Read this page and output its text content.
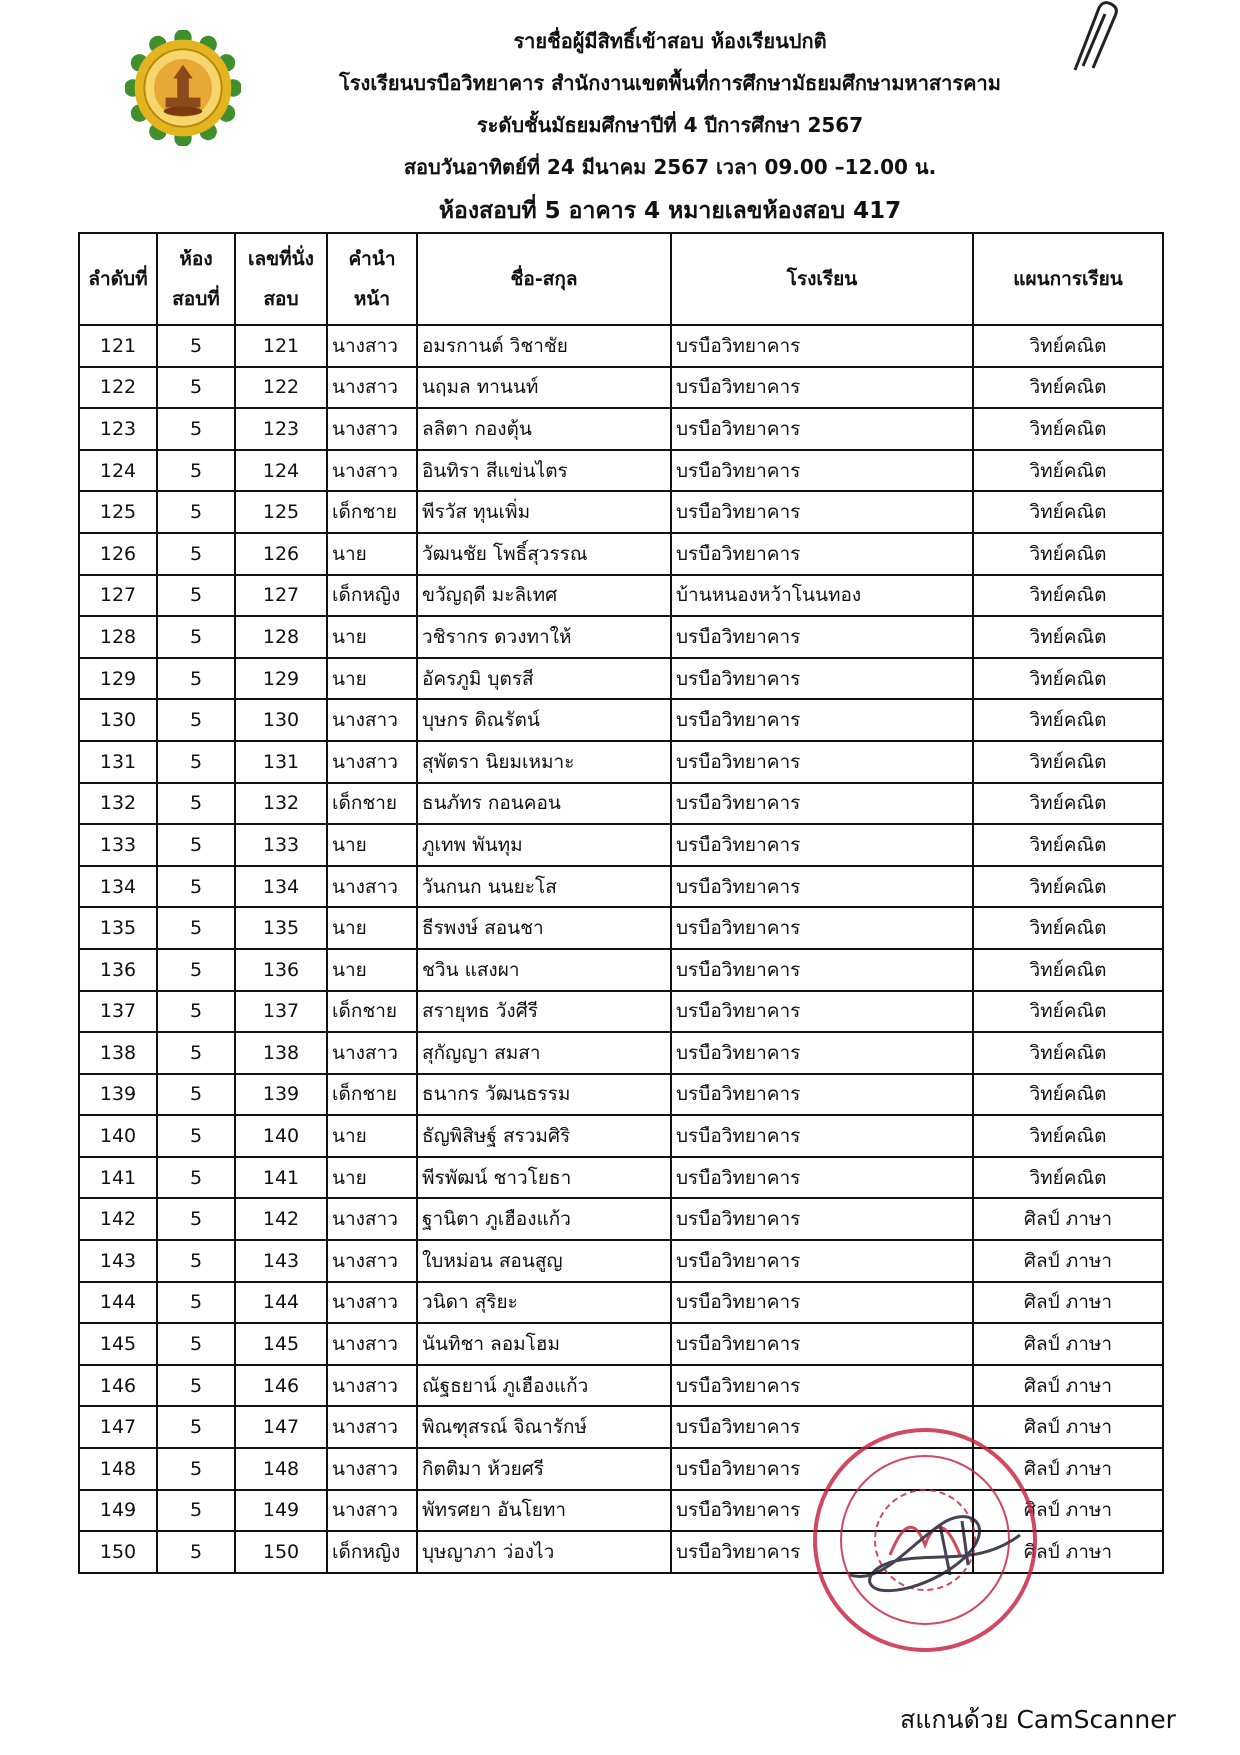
รายชื่อผู้มีสิทธิ์เข้าสอบ ห้องเรียนปกติ
โรงเรียนบรบือวิทยาคาร สำนักงานเขตพื้นที่การศึกษามัธยมศึกษามหาสารคาม
ระดับชั้นมัธยมศึกษาปีที่ 4 ปีการศึกษา 2567
สอบวันอาทิตย์ที่ 24 มีนาคม 2567 เวลา 09.00 –12.00 น.
ห้องสอบที่ 5 อาคาร 4 หมายเลขห้องสอบ 417
ลำดับที่	ห้องสอบที่	เลขที่นั่งสอบ	คำนำหน้า	ชื่อ-สกุล	โรงเรียน	แผนการเรียน
121	5	121	นางสาว	อมรกานต์ วิชาชัย	บรบือวิทยาคาร	วิทย์คณิต
122	5	122	นางสาว	นฤมล ทานนท์	บรบือวิทยาคาร	วิทย์คณิต
123	5	123	นางสาว	ลลิตา กองตุ้น	บรบือวิทยาคาร	วิทย์คณิต
124	5	124	นางสาว	อินทิรา สีแข่นไตร	บรบือวิทยาคาร	วิทย์คณิต
125	5	125	เด็กชาย	พีรวัส ทุนเพิ่ม	บรบือวิทยาคาร	วิทย์คณิต
126	5	126	นาย	วัฒนชัย โพธิ์สุวรรณ	บรบือวิทยาคาร	วิทย์คณิต
127	5	127	เด็กหญิง	ขวัญฤดี มะลิเทศ	บ้านหนองหว้าโนนทอง	วิทย์คณิต
128	5	128	นาย	วชิรากร ดวงทาให้	บรบือวิทยาคาร	วิทย์คณิต
129	5	129	นาย	อัครภูมิ บุตรสี	บรบือวิทยาคาร	วิทย์คณิต
130	5	130	นางสาว	บุษกร ดิณรัตน์	บรบือวิทยาคาร	วิทย์คณิต
131	5	131	นางสาว	สุพัตรา นิยมเหมาะ	บรบือวิทยาคาร	วิทย์คณิต
132	5	132	เด็กชาย	ธนภัทร กอนคอน	บรบือวิทยาคาร	วิทย์คณิต
133	5	133	นาย	ภูเทพ พันทุม	บรบือวิทยาคาร	วิทย์คณิต
134	5	134	นางสาว	วันกนก นนยะโส	บรบือวิทยาคาร	วิทย์คณิต
135	5	135	นาย	ธีรพงษ์ สอนชา	บรบือวิทยาคาร	วิทย์คณิต
136	5	136	นาย	ชวิน แสงผา	บรบือวิทยาคาร	วิทย์คณิต
137	5	137	เด็กชาย	สรายุทธ วังศีรี	บรบือวิทยาคาร	วิทย์คณิต
138	5	138	นางสาว	สุกัญญา สมสา	บรบือวิทยาคาร	วิทย์คณิต
139	5	139	เด็กชาย	ธนากร วัฒนธรรม	บรบือวิทยาคาร	วิทย์คณิต
140	5	140	นาย	ธัญพิสิษฐ์ สรวมศิริ	บรบือวิทยาคาร	วิทย์คณิต
141	5	141	นาย	พีรพัฒน์ ชาวโยธา	บรบือวิทยาคาร	วิทย์คณิต
142	5	142	นางสาว	ฐานิตา ภูเฮืองแก้ว	บรบือวิทยาคาร	ศิลป์ ภาษา
143	5	143	นางสาว	ใบหม่อน สอนสูญ	บรบือวิทยาคาร	ศิลป์ ภาษา
144	5	144	นางสาว	วนิดา สุริยะ	บรบือวิทยาคาร	ศิลป์ ภาษา
145	5	145	นางสาว	นันทิชา ลอมโฮม	บรบือวิทยาคาร	ศิลป์ ภาษา
146	5	146	นางสาว	ณัฐธยาน์ ภูเฮืองแก้ว	บรบือวิทยาคาร	ศิลป์ ภาษา
147	5	147	นางสาว	พิณฑุสรณ์ จิณารักษ์	บรบือวิทยาคาร	ศิลป์ ภาษา
148	5	148	นางสาว	กิตติมา ห้วยศรี	บรบือวิทยาคาร	ศิลป์ ภาษา
149	5	149	นางสาว	พัทรศยา อันโยทา	บรบือวิทยาคาร	ศิลป์ ภาษา
150	5	150	เด็กหญิง	บุษญาภา ว่องไว	บรบือวิทยาคาร	ศิลป์ ภาษา
สแกนด้วย CamScanner
